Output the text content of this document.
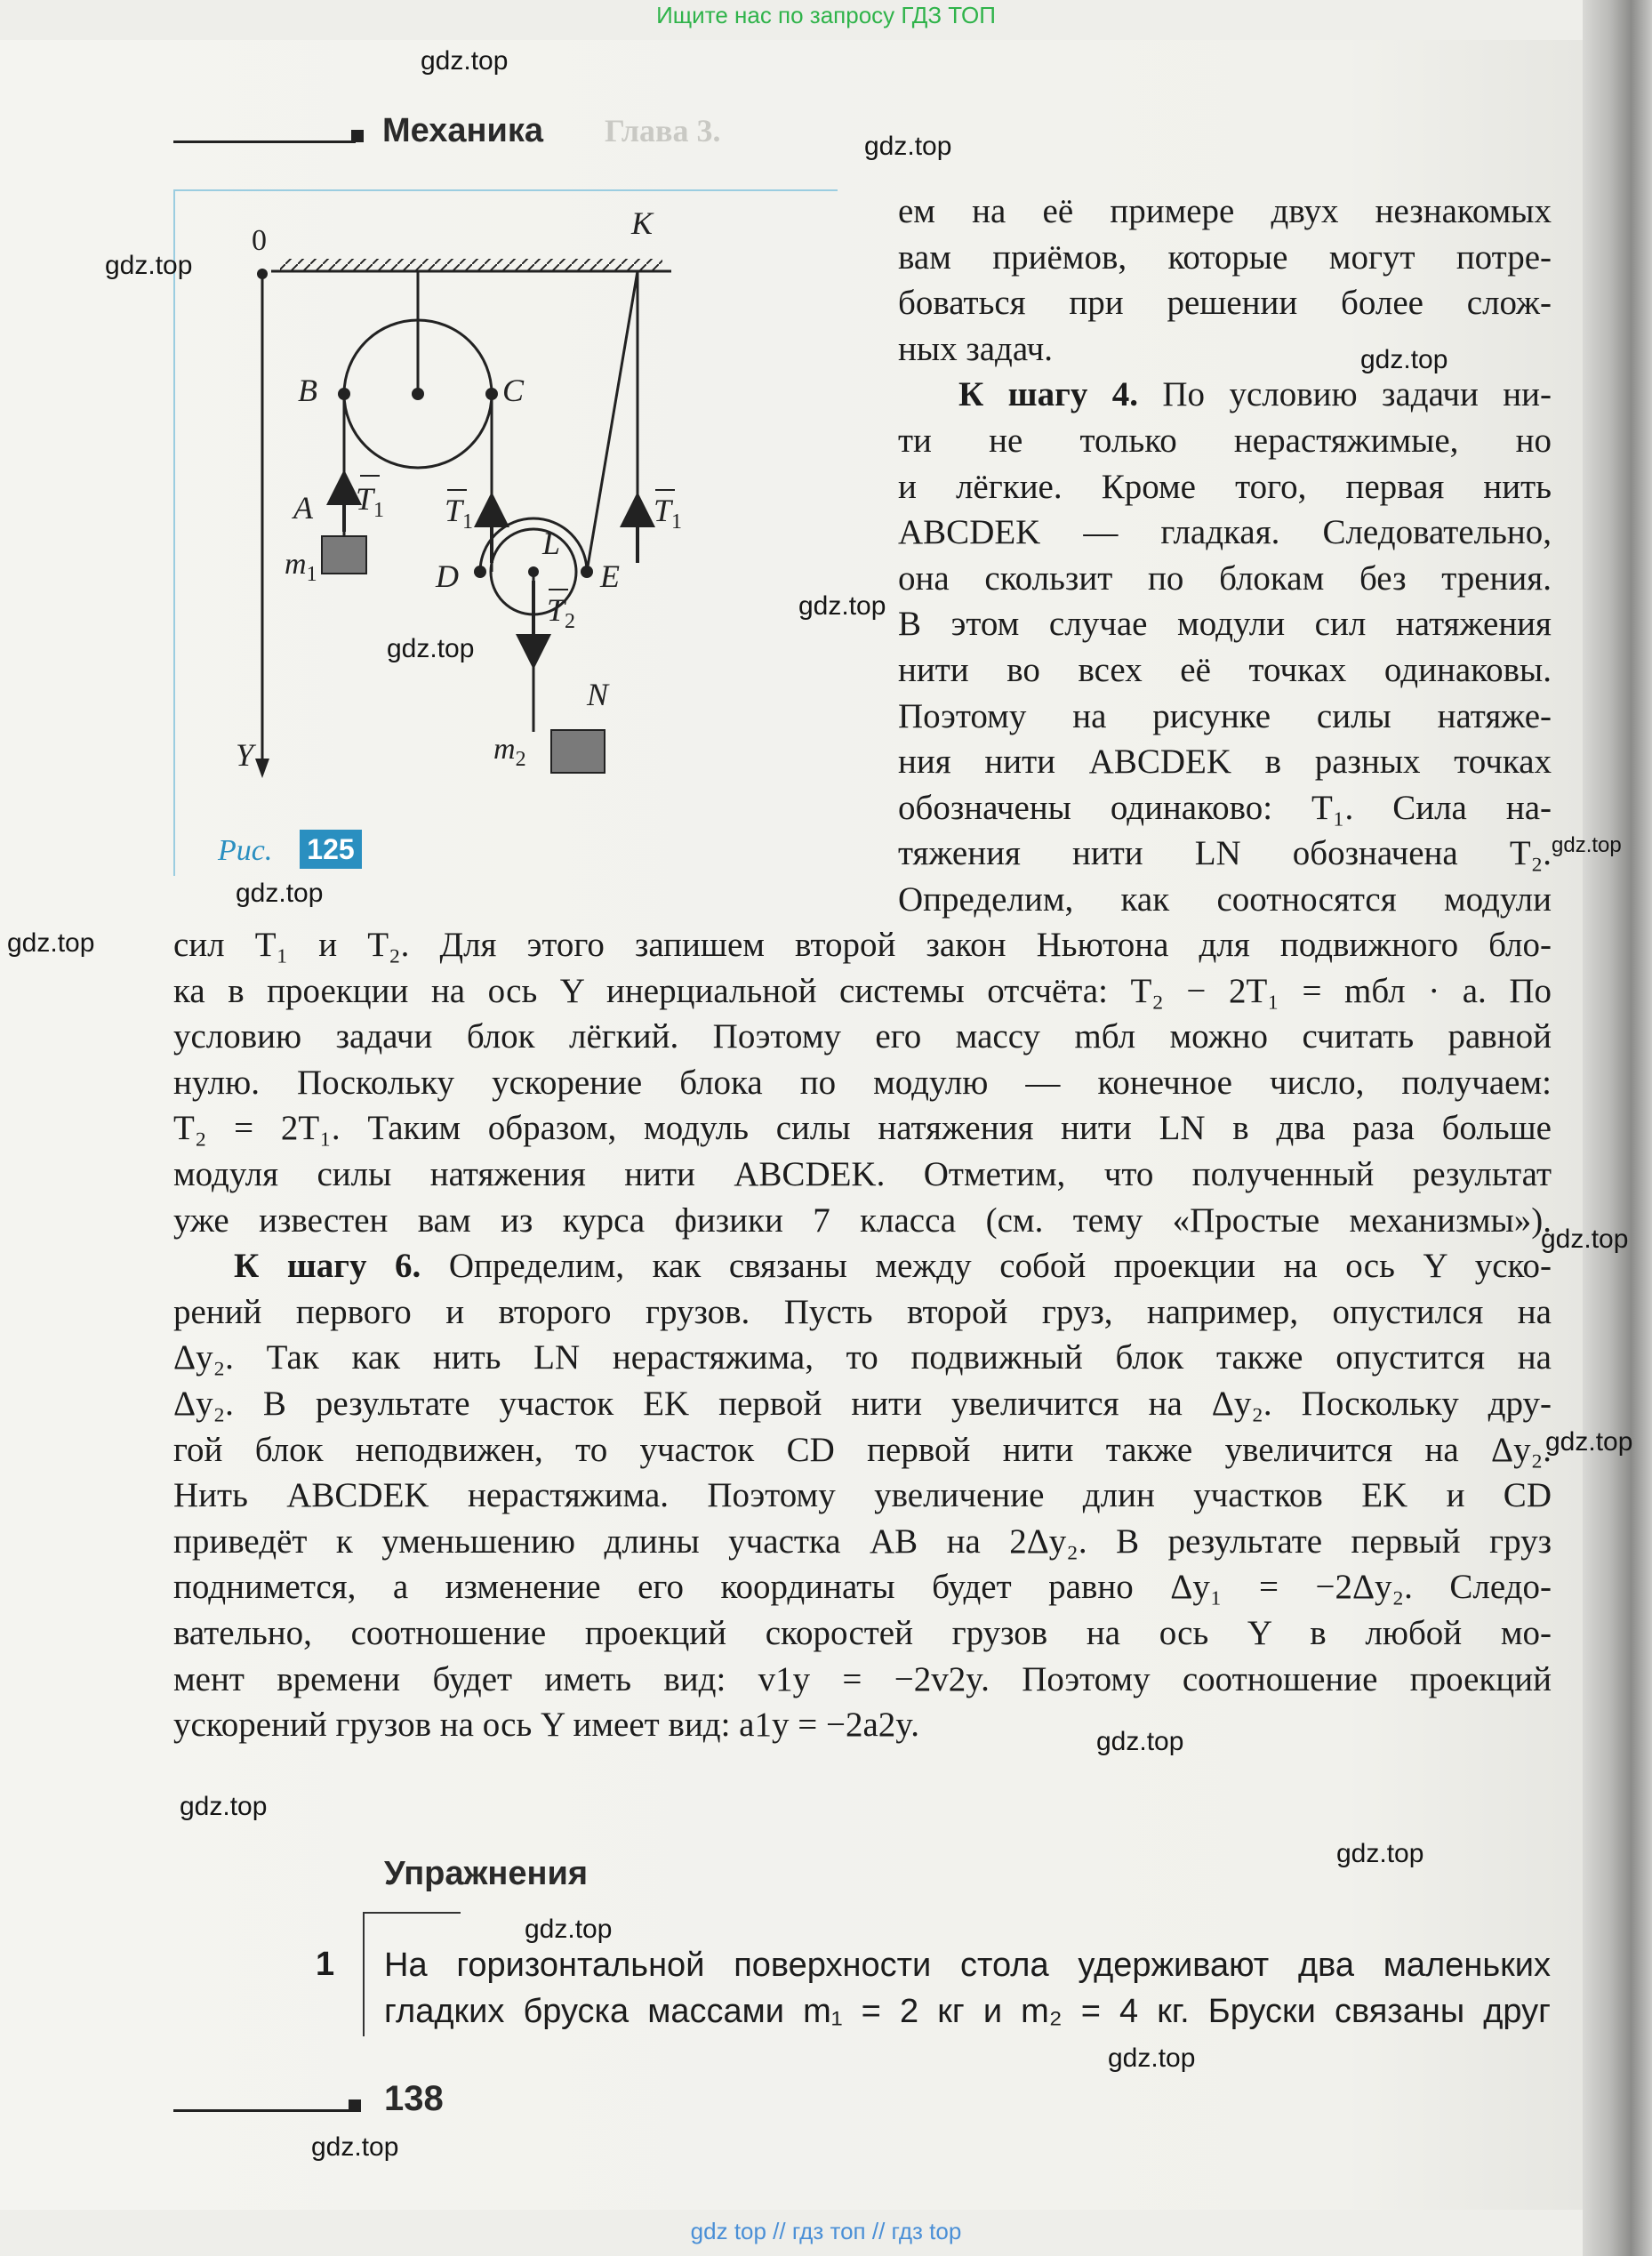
Ищите нас по запросу ГДЗ ТОП
Глава 3.
Механика
0
Y
K
B	C
A $T_1$
$m_1$
$T_1$
D
L
E
$T_1$
$T_2$
N
$m_2$
Рис. 125
ем на её примере двух незнакомых
вам приёмов, которые могут потре-
боваться при решении более слож-
ных задач.
К шагу 4. По условию задачи ни-
ти не только нерастяжимые, но
и лёгкие. Кроме того, первая нить
ABCDEK — гладкая. Следовательно,
она скользит по блокам без трения.
В этом случае модули сил натяжения
нити во всех её точках одинаковы.
Поэтому на рисунке силы натяже-
ния нити ABCDEK в разных точках
обозначены одинаково: T₁. Сила на-
тяжения нити LN обозначена T₂.
Определим, как соотносятся модули
сил T₁ и T₂. Для этого запишем второй закон Ньютона для подвижного бло-
ка в проекции на ось Y инерциальной системы отсчёта: T₂ − 2T₁ = mбл · a. По
условию задачи блок лёгкий. Поэтому его массу mбл можно считать равной
нулю. Поскольку ускорение блока по модулю — конечное число, получаем:
T₂ = 2T₁. Таким образом, модуль силы натяжения нити LN в два раза больше
модуля силы натяжения нити ABCDEK. Отметим, что полученный результат
уже известен вам из курса физики 7 класса (см. тему «Простые механизмы»).
К шагу 6. Определим, как связаны между собой проекции на ось Y уско-
рений первого и второго грузов. Пусть второй груз, например, опустился на
Δy₂. Так как нить LN нерастяжима, то подвижный блок также опустится на
Δy₂. В результате участок EK первой нити увеличится на Δy₂. Поскольку дру-
гой блок неподвижен, то участок CD первой нити также увеличится на Δy₂.
Нить ABCDEK нерастяжима. Поэтому увеличение длин участков EK и CD
приведёт к уменьшению длины участка AB на 2Δy₂. В результате первый груз
поднимется, а изменение его координаты будет равно Δy₁ = −2Δy₂. Следо-
вательно, соотношение проекций скоростей грузов на ось Y в любой мо-
мент времени будет иметь вид: v1y = −2v2y. Поэтому соотношение проекций
ускорений грузов на ось Y имеет вид: a1y = −2a2y.
Упражнения
1 На горизонтальной поверхности стола удерживают два маленьких
гладких бруска массами m₁ = 2 кг и m₂ = 4 кг. Бруски связаны друг
138
gdz.top
gdz.top
gdz.top
gdz.top
gdz.top
gdz.top
gdz.top
gdz.top
gdz.top
gdz.top
gdz.top
gdz.top
gdz.top
gdz.top
gdz.top
gdz.top
gdz.top
gdz top // гдз топ // гдз top
